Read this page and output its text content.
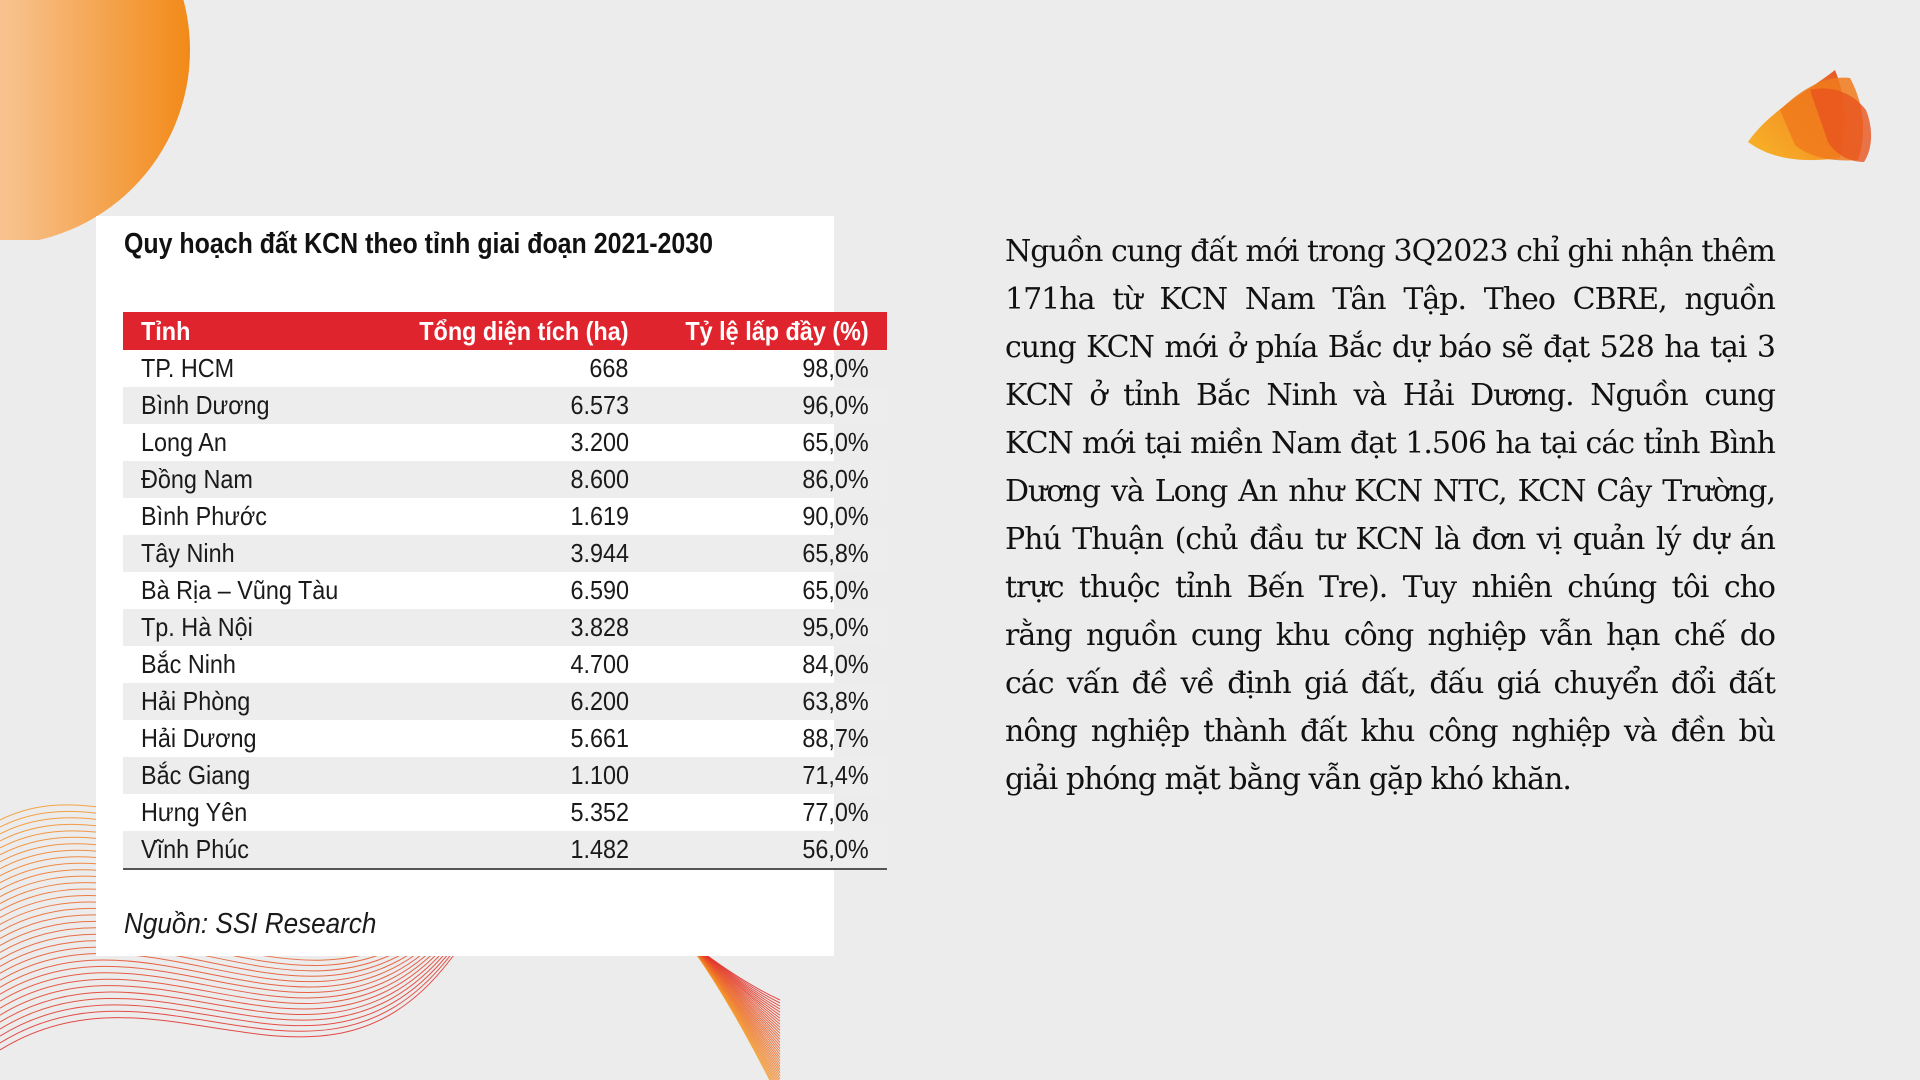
Quy hoạch đất KCN theo tỉnh giai đoạn 2021-2030
Tỉnh	Tổng diện tích (ha)	Tỷ lệ lấp đầy (%)
TP. HCM	668	98,0%
Bình Dương	6.573	96,0%
Long An	3.200	65,0%
Đồng Nam	8.600	86,0%
Bình Phước	1.619	90,0%
Tây Ninh	3.944	65,8%
Bà Rịa – Vũng Tàu	6.590	65,0%
Tp. Hà Nội	3.828	95,0%
Bắc Ninh	4.700	84,0%
Hải Phòng	6.200	63,8%
Hải Dương	5.661	88,7%
Bắc Giang	1.100	71,4%
Hưng Yên	5.352	77,0%
Vĩnh Phúc	1.482	56,0%
Nguồn: SSI Research

Nguồn cung đất mới trong 3Q2023 chỉ ghi nhận thêm 171ha từ KCN Nam Tân Tập. Theo CBRE, nguồn cung KCN mới ở phía Bắc dự báo sẽ đạt 528 ha tại 3 KCN ở tỉnh Bắc Ninh và Hải Dương. Nguồn cung KCN mới tại miền Nam đạt 1.506 ha tại các tỉnh Bình Dương và Long An như KCN NTC, KCN Cây Trường, Phú Thuận (chủ đầu tư KCN là đơn vị quản lý dự án trực thuộc tỉnh Bến Tre). Tuy nhiên chúng tôi cho rằng nguồn cung khu công nghiệp vẫn hạn chế do các vấn đề về định giá đất, đấu giá chuyển đổi đất nông nghiệp thành đất khu công nghiệp và đền bù giải phóng mặt bằng vẫn gặp khó khăn.
